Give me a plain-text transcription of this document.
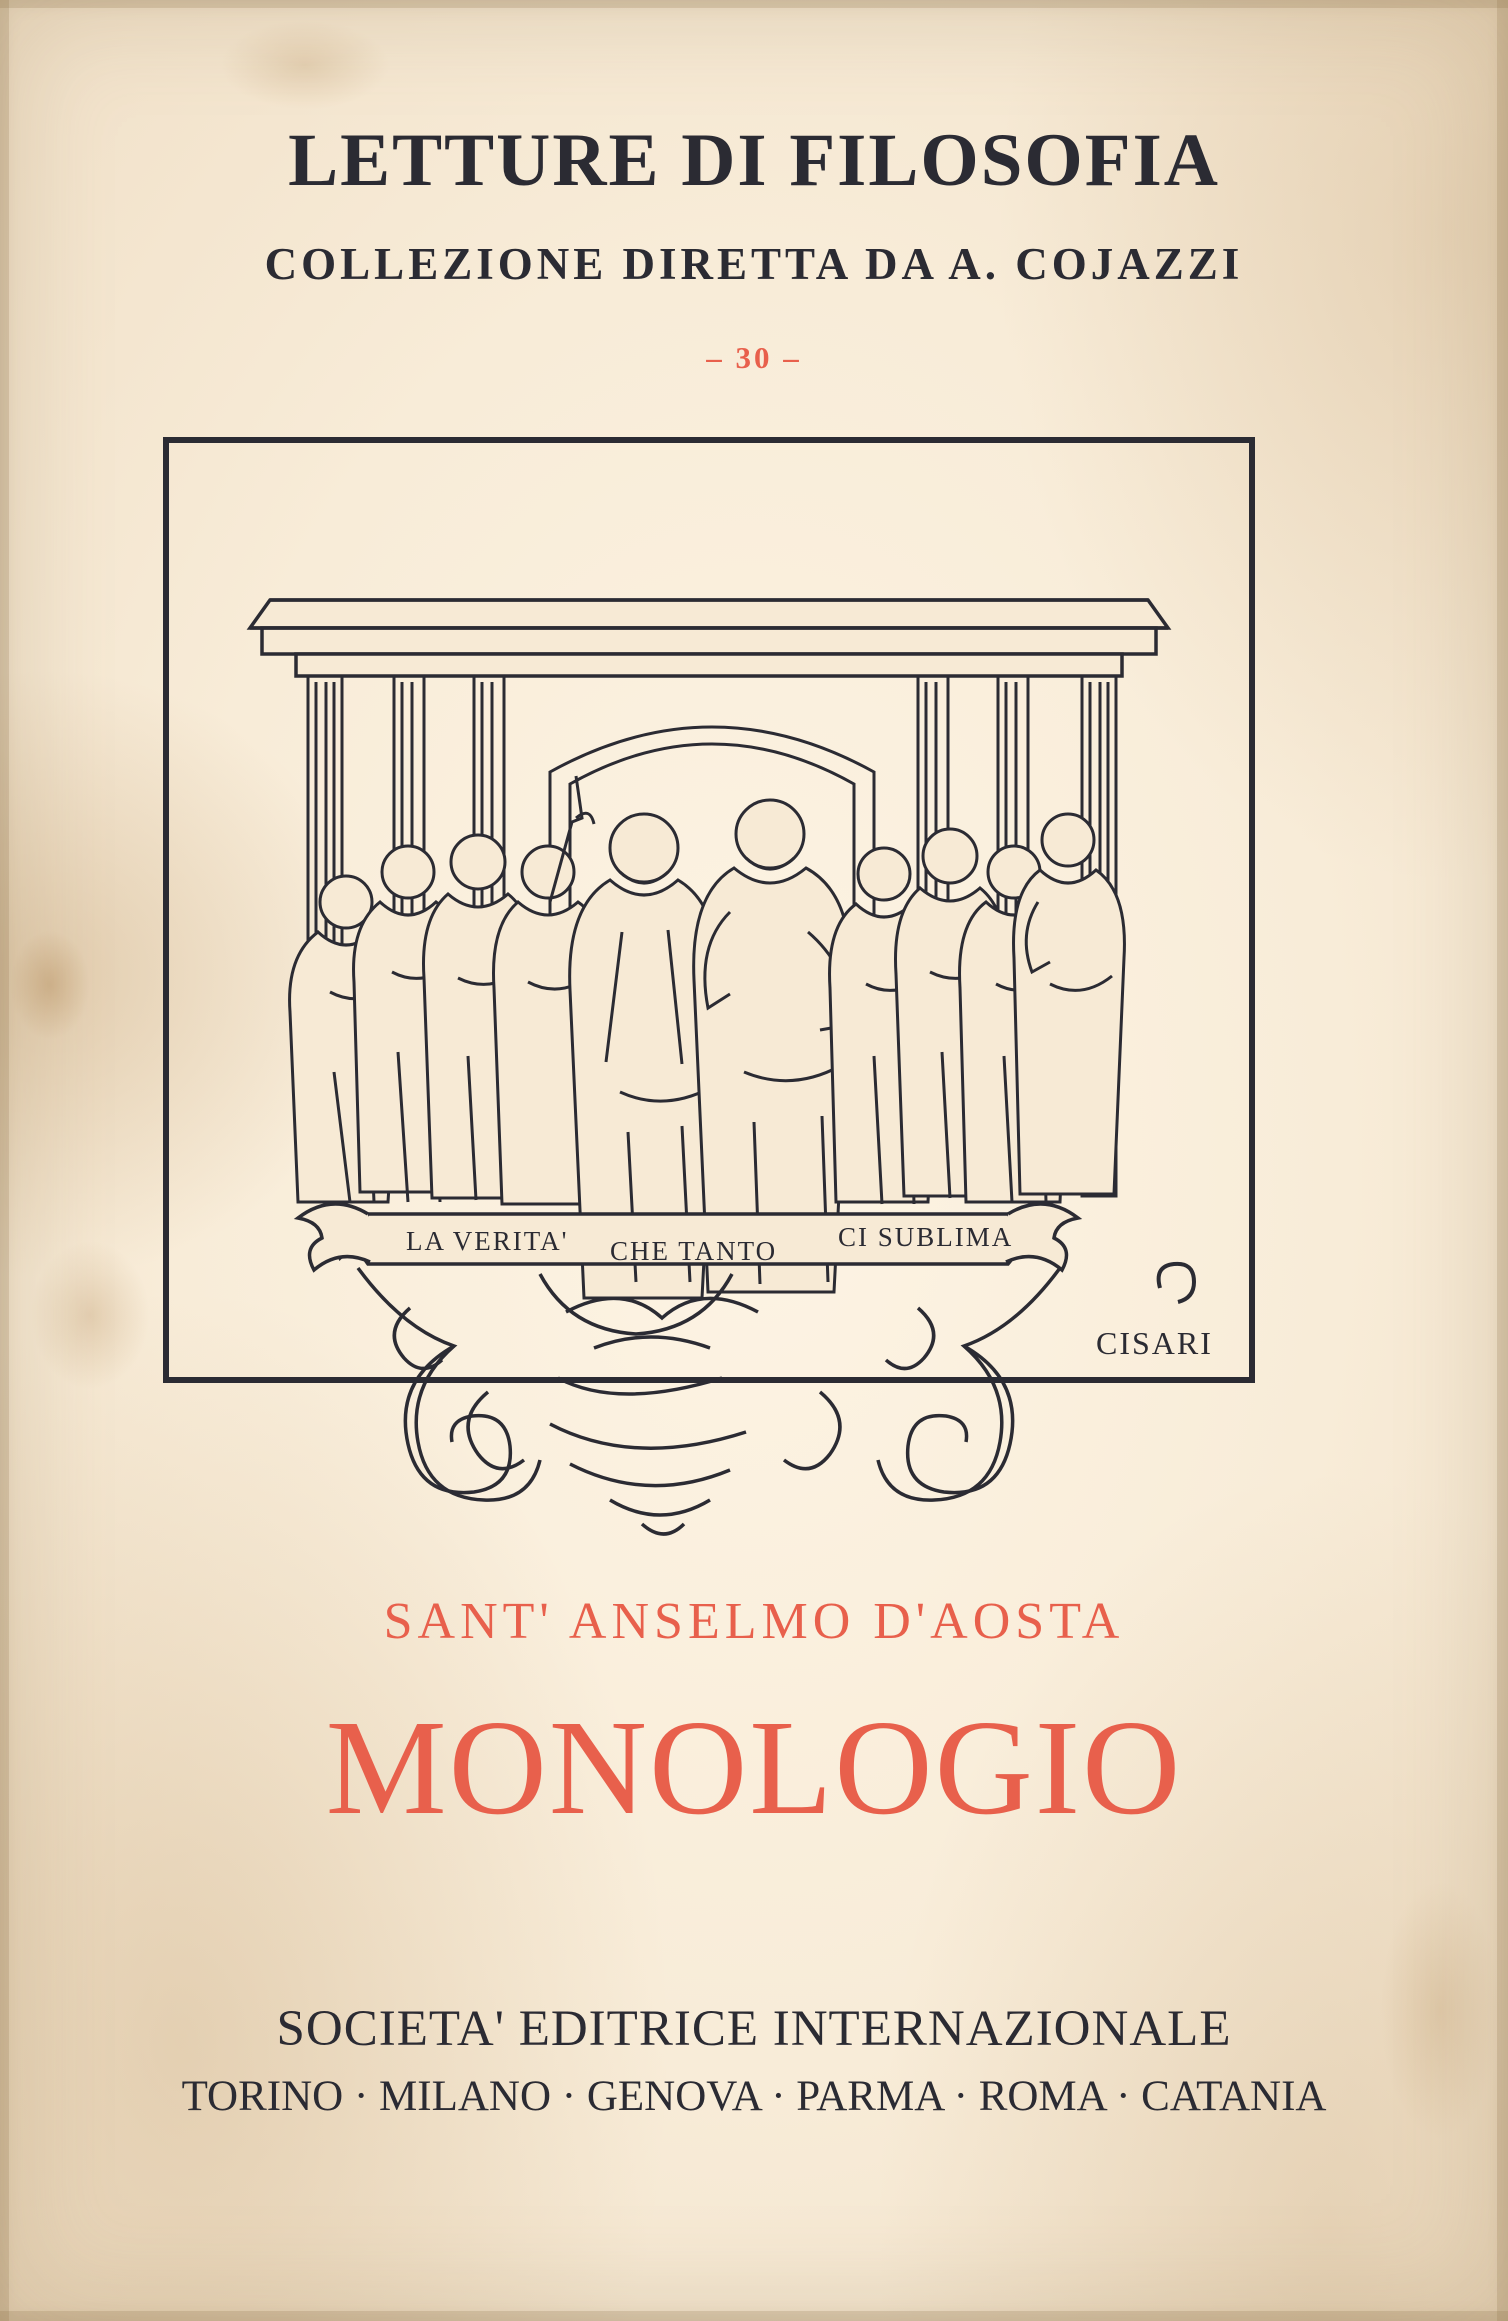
LETTURE DI FILOSOFIA
COLLEZIONE DIRETTA DA A. COJAZZI
– 30 –
LA VERITA' CHE TANTO CI SUBLIMA
CISARI
SANT' ANSELMO D'AOSTA
MONOLOGIO
SOCIETA' EDITRICE INTERNAZIONALE
TORINO · MILANO · GENOVA · PARMA · ROMA · CATANIA
